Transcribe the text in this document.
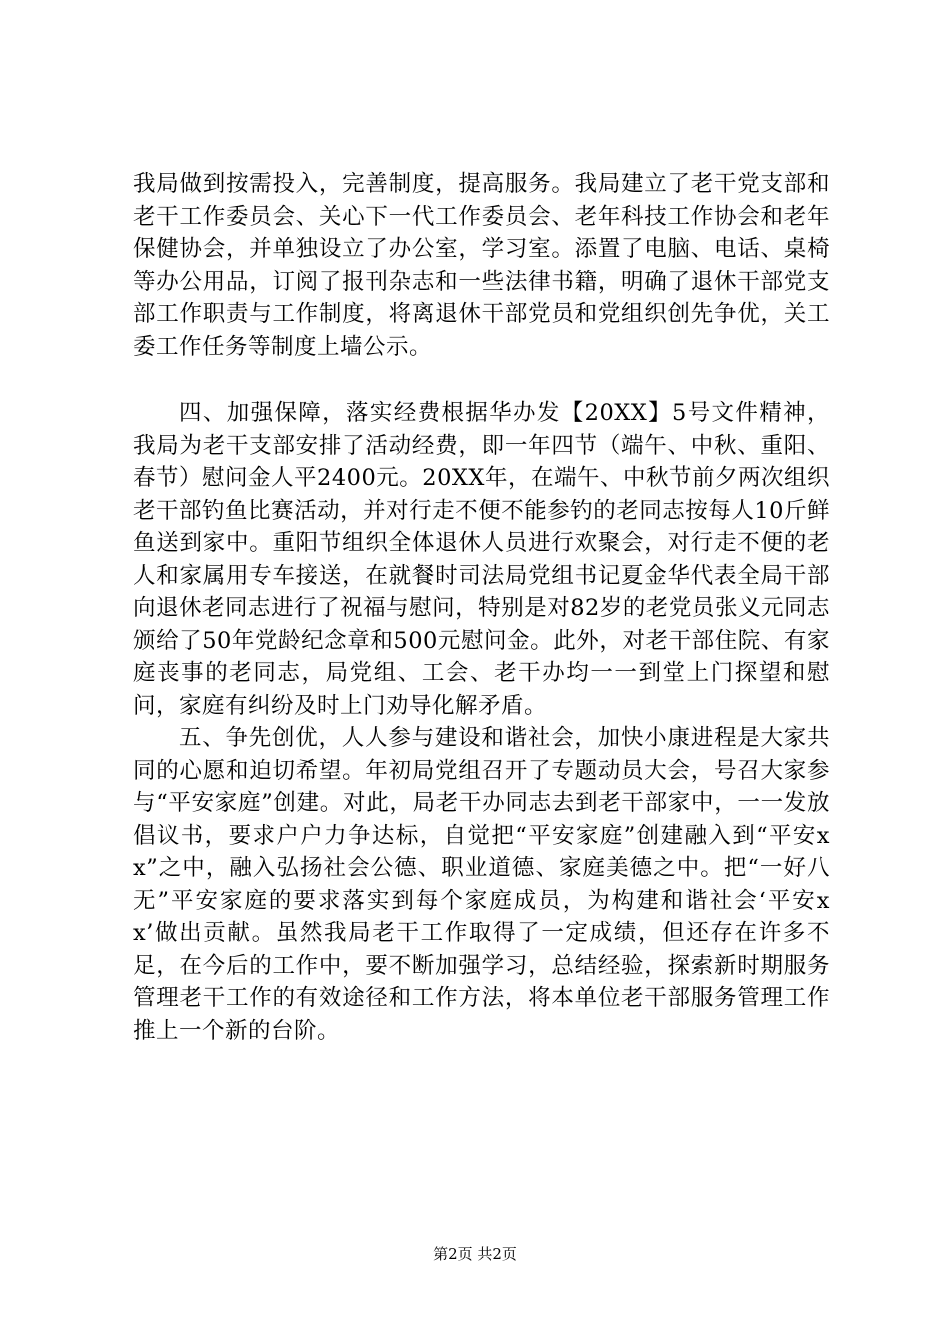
我局做到按需投入，完善制度，提高服务。我局建立了老干党支部和老干工作委员会、关心下一代工作委员会、老年科技工作协会和老年保健协会，并单独设立了办公室，学习室。添置了电脑、电话、桌椅等办公用品，订阅了报刊杂志和一些法律书籍，明确了退休干部党支部工作职责与工作制度，将离退休干部党员和党组织创先争优，关工委工作任务等制度上墙公示。

四、加强保障，落实经费根据华办发【20XX】5号文件精神，我局为老干支部安排了活动经费，即一年四节（端午、中秋、重阳、春节）慰问金人平2400元。20XX年，在端午、中秋节前夕两次组织老干部钓鱼比赛活动，并对行走不便不能参钓的老同志按每人10斤鲜鱼送到家中。重阳节组织全体退休人员进行欢聚会，对行走不便的老人和家属用专车接送，在就餐时司法局党组书记夏金华代表全局干部向退休老同志进行了祝福与慰问，特别是对82岁的老党员张义元同志颁给了50年党龄纪念章和500元慰问金。此外，对老干部住院、有家庭丧事的老同志，局党组、工会、老干办均一一到堂上门探望和慰问，家庭有纠纷及时上门劝导化解矛盾。

五、争先创优，人人参与建设和谐社会，加快小康进程是大家共同的心愿和迫切希望。年初局党组召开了专题动员大会，号召大家参与“平安家庭”创建。对此，局老干办同志去到老干部家中，一一发放倡议书，要求户户力争达标，自觉把“平安家庭”创建融入到“平安xx”之中，融入弘扬社会公德、职业道德、家庭美德之中。把“一好八无”平安家庭的要求落实到每个家庭成员，为构建和谐社会‘平安xx’做出贡献。虽然我局老干工作取得了一定成绩，但还存在许多不足，在今后的工作中，要不断加强学习，总结经验，探索新时期服务管理老干工作的有效途径和工作方法，将本单位老干部服务管理工作推上一个新的台阶。

第2页 共2页
